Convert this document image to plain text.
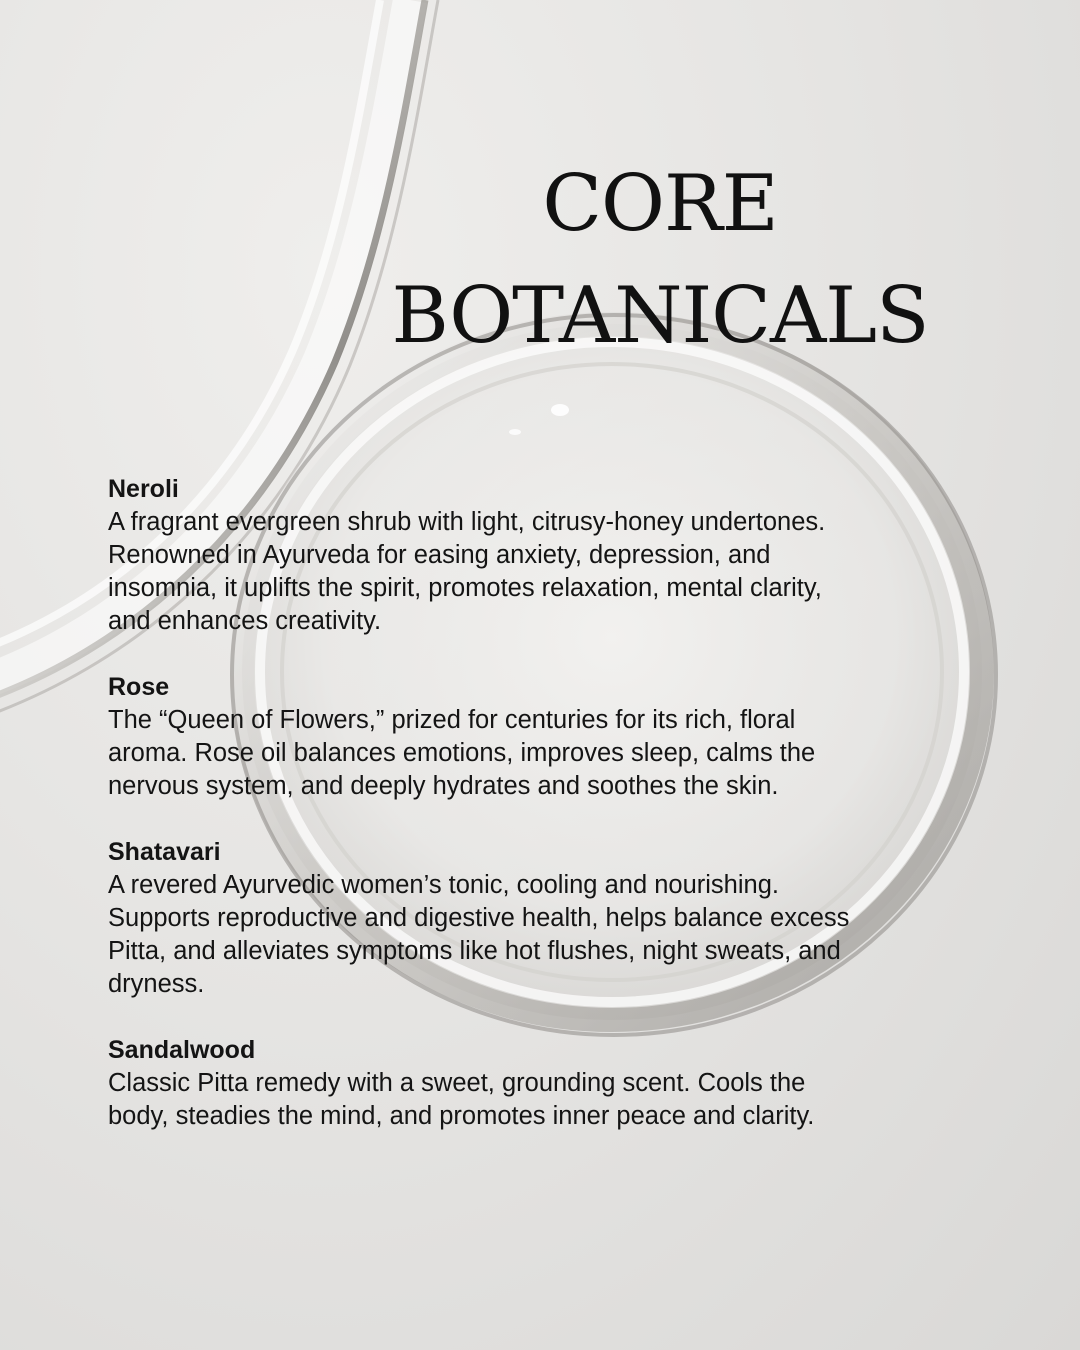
CORE
BOTANICALS

Neroli

A fragrant evergreen shrub with light, citrusy-honey undertones.
Renowned in Ayurveda for easing anxiety, depression, and
insomnia, it uplifts the spirit, promotes relaxation, mental clarity,
and enhances creativity.

Rose

The “Queen of Flowers,” prized for centuries for its rich, floral
aroma. Rose oil balances emotions, improves sleep, calms the
nervous system, and deeply hydrates and soothes the skin.

Shatavari

A revered Ayurvedic women’s tonic, cooling and nourishing.
Supports reproductive and digestive health, helps balance excess
Pitta, and alleviates symptoms like hot flushes, night sweats, and
dryness.

Sandalwood

Classic Pitta remedy with a sweet, grounding scent. Cools the
body, steadies the mind, and promotes inner peace and clarity.
